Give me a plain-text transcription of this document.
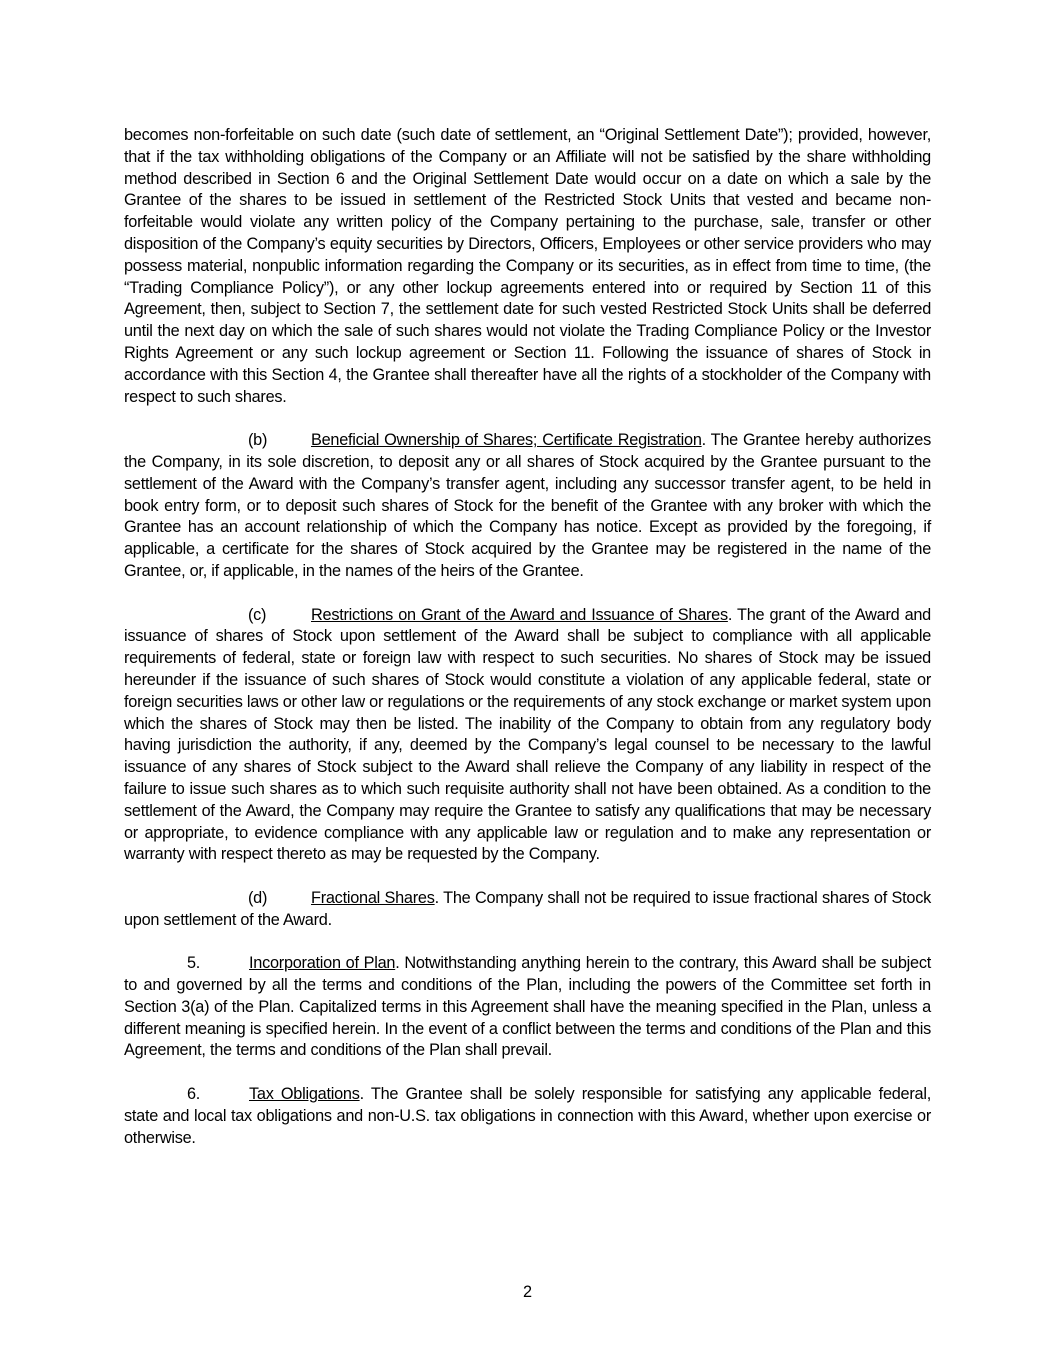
becomes non-forfeitable on such date (such date of settlement, an “Original Settlement Date”); provided, however, that if the tax withholding obligations of the Company or an Affiliate will not be satisfied by the share withholding method described in Section 6 and the Original Settlement Date would occur on a date on which a sale by the Grantee of the shares to be issued in settlement of the Restricted Stock Units that vested and became non-forfeitable would violate any written policy of the Company pertaining to the purchase, sale, transfer or other disposition of the Company’s equity securities by Directors, Officers, Employees or other service providers who may possess material, nonpublic information regarding the Company or its securities, as in effect from time to time, (the “Trading Compliance Policy”), or any other lockup agreements entered into or required by Section 11 of this Agreement, then, subject to Section 7, the settlement date for such vested Restricted Stock Units shall be deferred until the next day on which the sale of such shares would not violate the Trading Compliance Policy or the Investor Rights Agreement or any such lockup agreement or Section 11. Following the issuance of shares of Stock in accordance with this Section 4, the Grantee shall thereafter have all the rights of a stockholder of the Company with respect to such shares.

(b)	Beneficial Ownership of Shares; Certificate Registration. The Grantee hereby authorizes the Company, in its sole discretion, to deposit any or all shares of Stock acquired by the Grantee pursuant to the settlement of the Award with the Company’s transfer agent, including any successor transfer agent, to be held in book entry form, or to deposit such shares of Stock for the benefit of the Grantee with any broker with which the Grantee has an account relationship of which the Company has notice. Except as provided by the foregoing, if applicable, a certificate for the shares of Stock acquired by the Grantee may be registered in the name of the Grantee, or, if applicable, in the names of the heirs of the Grantee.

(c)	Restrictions on Grant of the Award and Issuance of Shares. The grant of the Award and issuance of shares of Stock upon settlement of the Award shall be subject to compliance with all applicable requirements of federal, state or foreign law with respect to such securities. No shares of Stock may be issued hereunder if the issuance of such shares of Stock would constitute a violation of any applicable federal, state or foreign securities laws or other law or regulations or the requirements of any stock exchange or market system upon which the shares of Stock may then be listed. The inability of the Company to obtain from any regulatory body having jurisdiction the authority, if any, deemed by the Company’s legal counsel to be necessary to the lawful issuance of any shares of Stock subject to the Award shall relieve the Company of any liability in respect of the failure to issue such shares as to which such requisite authority shall not have been obtained. As a condition to the settlement of the Award, the Company may require the Grantee to satisfy any qualifications that may be necessary or appropriate, to evidence compliance with any applicable law or regulation and to make any representation or warranty with respect thereto as may be requested by the Company.

(d)	Fractional Shares. The Company shall not be required to issue fractional shares of Stock upon settlement of the Award.

5.	Incorporation of Plan. Notwithstanding anything herein to the contrary, this Award shall be subject to and governed by all the terms and conditions of the Plan, including the powers of the Committee set forth in Section 3(a) of the Plan. Capitalized terms in this Agreement shall have the meaning specified in the Plan, unless a different meaning is specified herein. In the event of a conflict between the terms and conditions of the Plan and this Agreement, the terms and conditions of the Plan shall prevail.

6.	Tax Obligations. The Grantee shall be solely responsible for satisfying any applicable federal, state and local tax obligations and non-U.S. tax obligations in connection with this Award, whether upon exercise or otherwise.

2
